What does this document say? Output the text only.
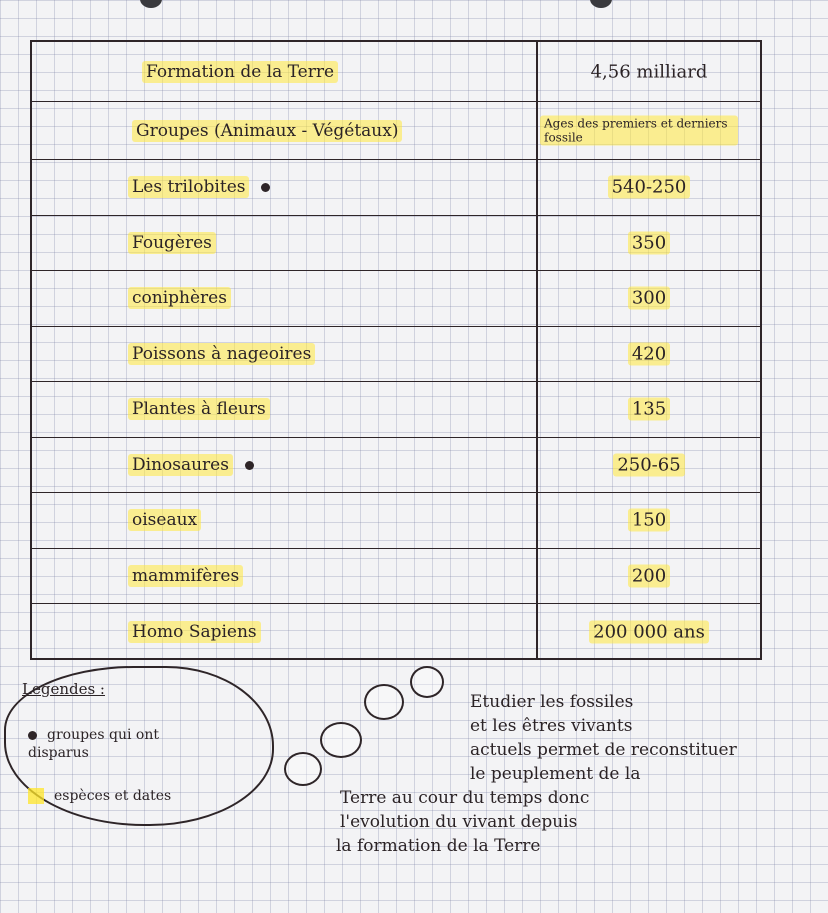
Formation de la Terre	4,56 milliard
Groupes (Animaux - Végétaux)	Ages des premiers et derniers fossile
Les trilobites	540-250
Fougères	350
coniphères	300
Poissons à nageoires	420
Plantes à fleurs	135
Dinosaures	250-65
oiseaux	150
mammifères	200
Homo Sapiens	200 000 ans
Legendes :
groupes qui ont disparus
espèces et dates
Etudier les fossiles
et les êtres vivants
actuels permet de reconstituer
le peuplement de la
Terre au cour du temps donc
l'evolution du vivant depuis
la formation de la Terre
